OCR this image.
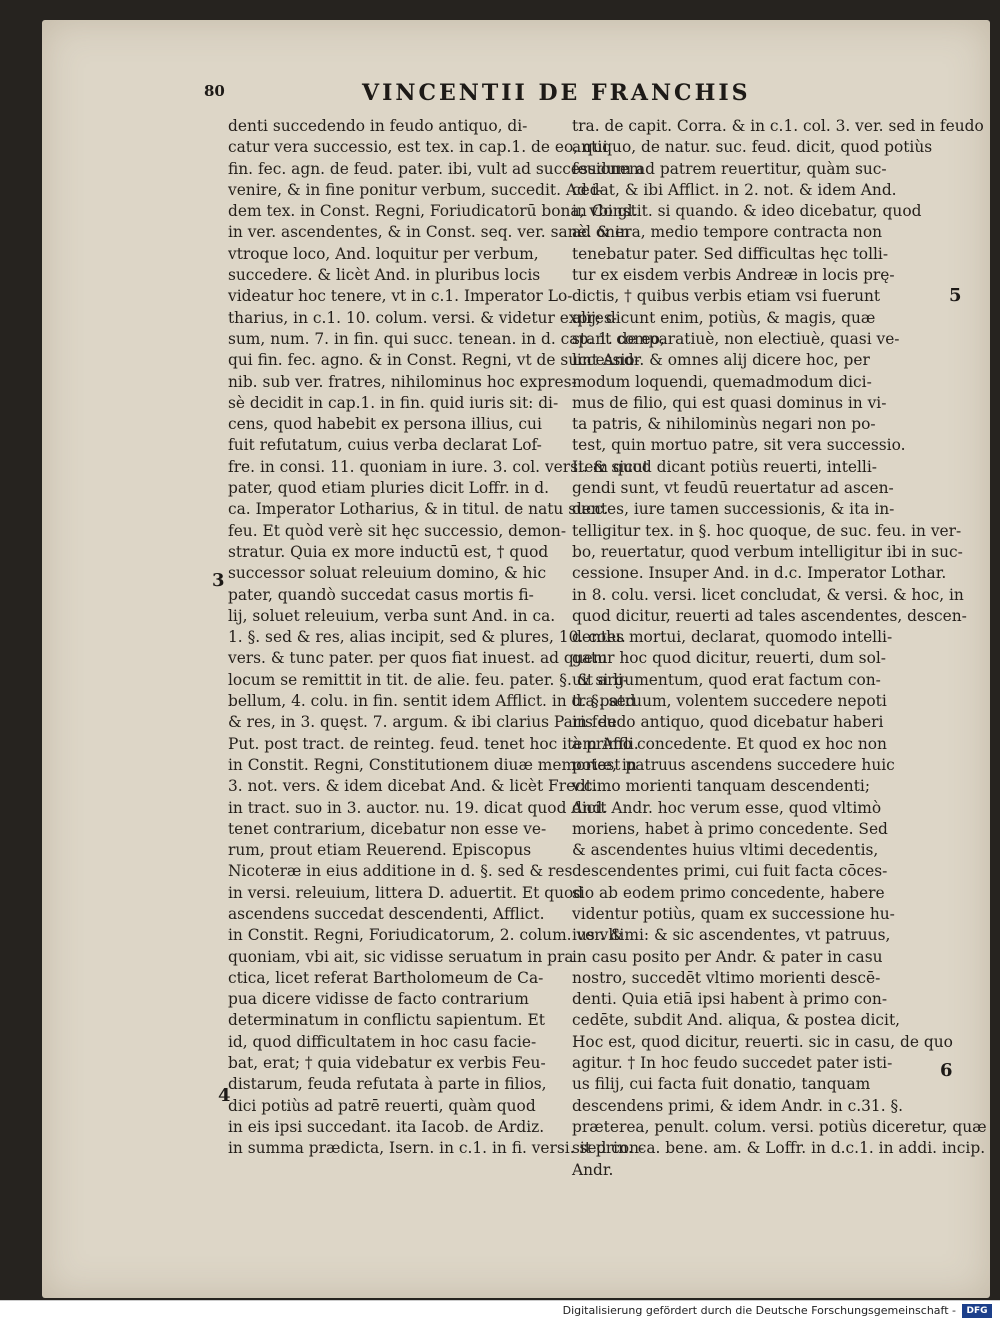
80	VINCENTII DE FRANCHIS
denti succedendo in feudo antiquo, di-
catur vera successio, est tex. in cap.1. de eo, qui
fin. fec. agn. de feud. pater. ibi, vult ad successionem
venire, & in fine ponitur verbum, succedit. Ad i-
dem tex. in Const. Regni, Foriudicatorū bona, vbi gl.
in ver. ascendentes, & in Const. seq. ver. sanè. & in
vtroque loco, And. loquitur per verbum,
succedere. & licèt And. in pluribus locis
videatur hoc tenere, vt in c.1. Imperator Lo-
tharius, in c.1. 10. colum. versi. & videtur expres-
sum, num. 7. in fin. qui succ. tenean. in d. cap. 1. de eo,
qui fin. fec. agno. & in Const. Regni, vt de successio-
nib. sub ver. fratres, nihilominus hoc expres-
sè decidit in cap.1. in fin. quid iuris sit: di-
cens, quod habebit ex persona illius, cui
fuit refutatum, cuius verba declarat Lof-
fre. in consi. 11. quoniam in iure. 3. col. versi. & sicut
pater, quod etiam pluries dicit Loffr. in d.
ca. Imperator Lotharius, & in titul. de natu succ.
feu. Et quòd verè sit hęc successio, demon-
stratur. Quia ex more inductū est, † quod
successor soluat releuium domino, & hic
pater, quandò succedat casus mortis fi-
lij, soluet releuium, verba sunt And. in ca.
1. §. sed & res, alias incipit, sed & plures, 10. colu.
vers. & tunc pater. per quos fiat inuest. ad quem
locum se remittit in tit. de alie. feu. pater. §. & si li-
bellum, 4. colu. in fin. sentit idem Afflict. in d. §. sed
& res, in 3. quęst. 7. argum. & ibi clarius Paris de
Put. post tract. de reinteg. feud. tenet hoc item Affli.
in Constit. Regni, Constitutionem diuæ memoriæ, in
3. not. vers. & idem dicebat And. & licèt Frecc.
in tract. suo in 3. auctor. nu. 19. dicat quod And.
tenet contrarium, dicebatur non esse ve-
rum, prout etiam Reuerend. Episcopus
Nicoteræ in eius additione in d. §. sed & res
in versi. releuium, littera D. aduertit. Et quod
ascendens succedat descendenti, Afflict.
in Constit. Regni, Foriudicatorum, 2. colum. ver. &
quoniam, vbi ait, sic vidisse seruatum in pra
ctica, licet referat Bartholomeum de Ca-
pua dicere vidisse de facto contrarium
determinatum in conflictu sapientum. Et
id, quod difficultatem in hoc casu facie-
bat, erat; † quia videbatur ex verbis Feu-
distarum, feuda refutata à parte in filios,
dici potiùs ad patrē reuerti, quàm quod
in eis ipsi succedant. ita Iacob. de Ardiz.
in summa prædicta, Isern. in c.1. in fi. versi. sed con-
tra. de capit. Corra. & in c.1. col. 3. ver. sed in feudo
antiquo, de natur. suc. feud. dicit, quod potiùs
feudum ad patrem reuertitur, quàm suc-
cedat, & ibi Afflict. in 2. not. & idem And.
in Constit. si quando. & ideo dicebatur, quod
ad onera, medio tempore contracta non
tenebatur pater. Sed difficultas hęc tolli-
tur ex eisdem verbis Andreæ in locis prę-
dictis, † quibus verbis etiam vsi fuerunt
alij; dicunt enim, potiùs, & magis, quæ
stant comparatiuè, non electiuè, quasi ve-
lint Andr. & omnes alij dicere hoc, per
modum loquendi, quemadmodum dici-
mus de filio, qui est quasi dominus in vi-
ta patris, & nihilominùs negari non po-
test, quin mortuo patre, sit vera successio.
Item quod dicant potiùs reuerti, intelli-
gendi sunt, vt feudū reuertatur ad ascen-
dentes, iure tamen successionis, & ita in-
telligitur tex. in §. hoc quoque, de suc. feu. in ver-
bo, reuertatur, quod verbum intelligitur ibi in suc-
cessione. Insuper And. in d.c. Imperator Lothar.
in 8. colu. versi. licet concludat, & versi. & hoc, in
quod dicitur, reuerti ad tales ascendentes, descen-
dentes mortui, declarat, quomodo intelli-
gatur hoc quod dicitur, reuerti, dum sol-
uit argumentum, quod erat factum con-
tra patruum, volentem succedere nepoti
in feudo antiquo, quod dicebatur haberi
à primo concedente. Et quod ex hoc non
potest patruus ascendens succedere huic
vltimo morienti tanquam descendenti;
dicit Andr. hoc verum esse, quod vltimò
moriens, habet à primo concedente. Sed
& ascendentes huius vltimi decedentis,
descendentes primi, cui fuit facta cōces-
sio ab eodem primo concedente, habere
videntur potiùs, quam ex successione hu-
ius vltimi: & sic ascendentes, vt patruus,
in casu posito per Andr. & pater in casu
nostro, succedēt vltimo morienti descē-
denti. Quia etiā ipsi habent à primo con-
cedēte, subdit And. aliqua, & postea dicit,
Hoc est, quod dicitur, reuerti. sic in casu, de quo
agitur. † In hoc feudo succedet pater isti-
us filij, cui facta fuit donatio, tanquam
descendens primi, & idem Andr. in c.31. §.
præterea, penult. colum. versi. potiùs diceretur, quæ
sit prin. ca. bene. am. & Loffr. in d.c.1. in addi. incip.
Andr.
3
4
5
6
Digitalisierung gefördert durch die Deutsche Forschungsgemeinschaft -	DFG
